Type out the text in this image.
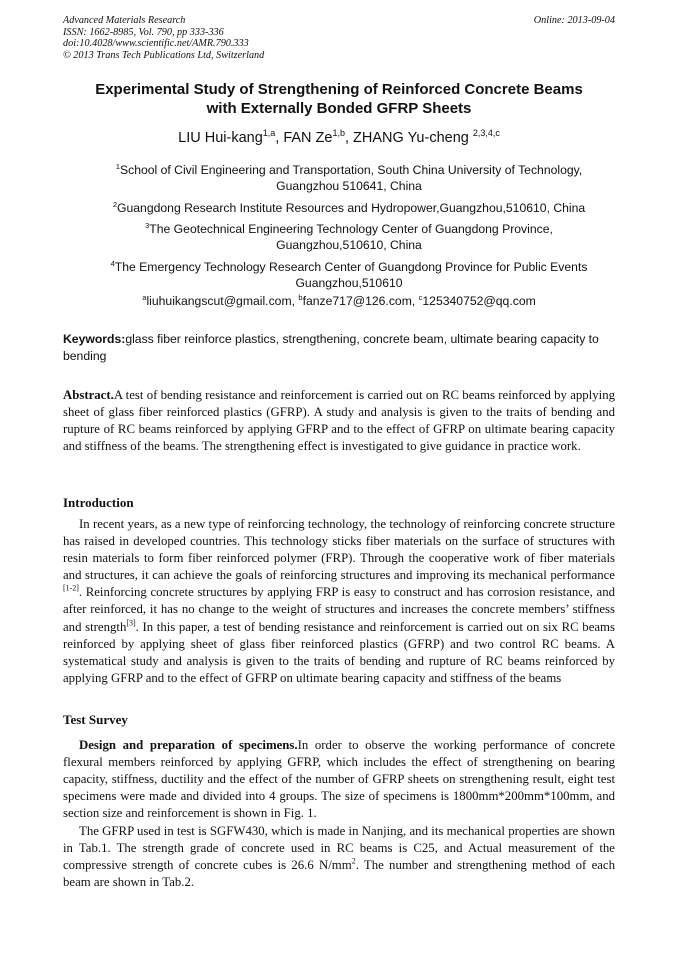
Advanced Materials Research
ISSN: 1662-8985, Vol. 790, pp 333-336
doi:10.4028/www.scientific.net/AMR.790.333
© 2013 Trans Tech Publications Ltd, Switzerland
Online: 2013-09-04
Experimental Study of Strengthening of Reinforced Concrete Beams
with Externally Bonded GFRP Sheets
LIU Hui-kang$^{1,a}$, FAN Ze$^{1,b}$, ZHANG Yu-cheng $^{2,3,4,c}$
$^1$School of Civil Engineering and Transportation, South China University of Technology,
Guangzhou 510641, China
$^2$Guangdong Research Institute Resources and Hydropower,Guangzhou,510610, China
$^3$The Geotechnical Engineering Technology Center of Guangdong Province,
Guangzhou,510610, China
$^4$The Emergency Technology Research Center of Guangdong Province for Public Events
Guangzhou,510610
$^a$liuhuikangscut@gmail.com, $^b$fanze717@126.com, $^c$125340752@qq.com
Keywords:glass fiber reinforce plastics, strengthening, concrete beam, ultimate bearing capacity to bending
Abstract.A test of bending resistance and reinforcement is carried out on RC beams reinforced by applying sheet of glass fiber reinforced plastics (GFRP). A study and analysis is given to the traits of bending and rupture of RC beams reinforced by applying GFRP and to the effect of GFRP on ultimate bearing capacity and stiffness of the beams. The strengthening effect is investigated to give guidance in practice work.
Introduction
In recent years, as a new type of reinforcing technology, the technology of reinforcing concrete structure has raised in developed countries. This technology sticks fiber materials on the surface of structures with resin materials to form fiber reinforced polymer (FRP). Through the cooperative work of fiber materials and structures, it can achieve the goals of reinforcing structures and improving its mechanical performance [1-2]. Reinforcing concrete structures by applying FRP is easy to construct and has corrosion resistance, and after reinforced, it has no change to the weight of structures and increases the concrete members’ stiffness and strength[3]. In this paper, a test of bending resistance and reinforcement is carried out on six RC beams reinforced by applying sheet of glass fiber reinforced plastics (GFRP) and two control RC beams. A systematical study and analysis is given to the traits of bending and rupture of RC beams reinforced by applying GFRP and to the effect of GFRP on ultimate bearing capacity and stiffness of the beams
Test Survey
Design and preparation of specimens.In order to observe the working performance of concrete flexural members reinforced by applying GFRP, which includes the effect of strengthening on bearing capacity, stiffness, ductility and the effect of the number of GFRP sheets on strengthening result, eight test specimens were made and divided into 4 groups. The size of specimens is 1800mm*200mm*100mm, and section size and reinforcement is shown in Fig. 1.
The GFRP used in test is SGFW430, which is made in Nanjing, and its mechanical properties are shown in Tab.1. The strength grade of concrete used in RC beams is C25, and Actual measurement of the compressive strength of concrete cubes is 26.6 $N/mm^2$. The number and strengthening method of each beam are shown in Tab.2.
